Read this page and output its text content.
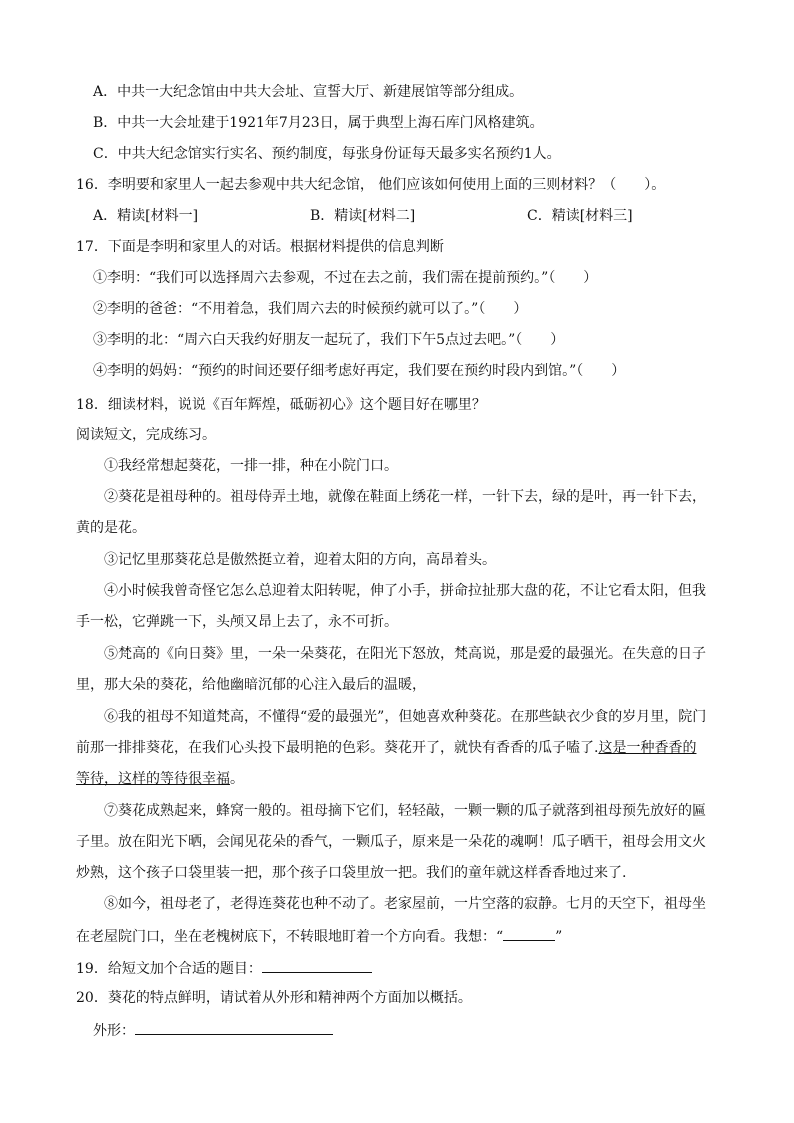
A．中共一大纪念馆由中共大会址、宣誓大厅、新建展馆等部分组成。
B．中共一大会址建于1921年7月23日，属于典型上海石库门风格建筑。
C．中共大纪念馆实行实名、预约制度，每张身份证每天最多实名预约1人。
16．李明要和家里人一起去参观中共大纪念馆， 他们应该如何使用上面的三则材料？（　　）。
A．精读[材料一]	B．精读[材料二]	C．精读[材料三]
17．下面是李明和家里人的对话。根据材料提供的信息判断
①李明：“我们可以选择周六去参观，不过在去之前，我们需在提前预约。”（　　）
②李明的爸爸：“不用着急，我们周六去的时候预约就可以了。”（　　）
③李明的北：“周六白天我约好朋友一起玩了，我们下午5点过去吧。”（　　）
④李明的妈妈：“预约的时间还要仔细考虑好再定，我们要在预约时段内到馆。”（　　）
18．细读材料，说说《百年辉煌，砥砺初心》这个题目好在哪里？
阅读短文，完成练习。
①我经常想起葵花，一排一排，种在小院门口。
②葵花是祖母种的。祖母侍弄土地，就像在鞋面上绣花一样，一针下去，绿的是叶，再一针下去，
黄的是花。
③记忆里那葵花总是傲然挺立着，迎着太阳的方向，高昂着头。
④小时候我曾奇怪它怎么总迎着太阳转呢，伸了小手，拼命拉扯那大盘的花，不让它看太阳，但我
手一松，它弹跳一下，头颅又昂上去了，永不可折。
⑤梵高的《向日葵》里，一朵一朵葵花，在阳光下怒放，梵高说，那是爱的最强光。在失意的日子
里，那大朵的葵花，给他幽暗沉郁的心注入最后的温暖，
⑥我的祖母不知道梵高，不懂得“爱的最强光”，但她喜欢种葵花。在那些缺衣少食的岁月里，院门
前那一排排葵花，在我们心头投下最明艳的色彩。葵花开了，就快有香香的瓜子嗑了.这是一种香香的
等待，这样的等待很幸福。
⑦葵花成熟起来，蜂窝一般的。祖母摘下它们，轻轻敲，一颗一颗的瓜子就落到祖母预先放好的匾
子里。放在阳光下晒，会闻见花朵的香气，一颗瓜子，原来是一朵花的魂啊！瓜子晒干，祖母会用文火
炒熟，这个孩子口袋里装一把，那个孩子口袋里放一把。我们的童年就这样香香地过来了.
⑧如今，祖母老了，老得连葵花也种不动了。老家屋前，一片空落的寂静。七月的天空下，祖母坐
在老屋院门口，坐在老槐树底下，不转眼地盯着一个方向看。我想：“	”
19．给短文加个合适的题目：
20．葵花的特点鲜明，请试着从外形和精神两个方面加以概括。
外形：
